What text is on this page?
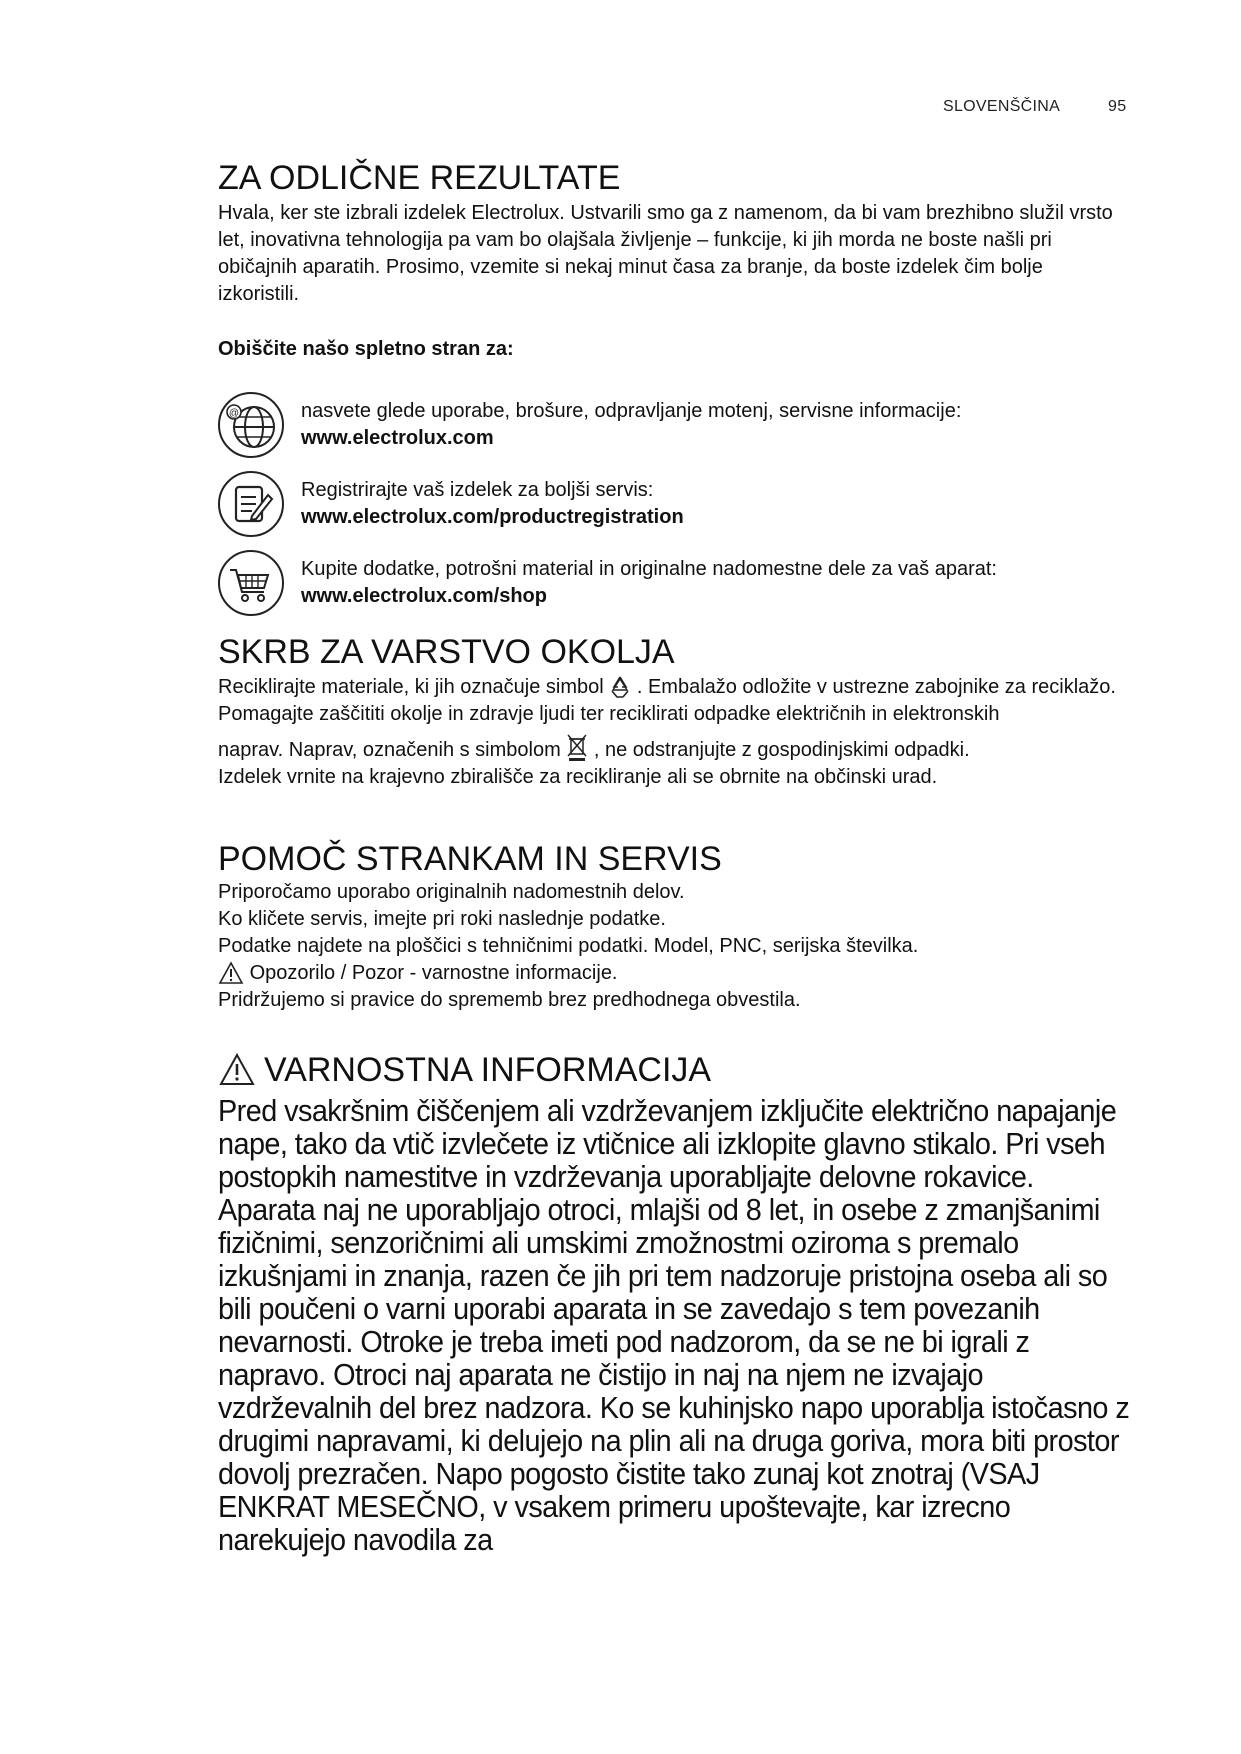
SLOVENŠČINA	95
ZA ODLIČNE REZULTATE

Hvala, ker ste izbrali izdelek Electrolux. Ustvarili smo ga z namenom, da bi vam brezhibno služil vrsto let, inovativna tehnologija pa vam bo olajšala življenje – funkcije, ki jih morda ne boste našli pri običajnih aparatih. Prosimo, vzemite si nekaj minut časa za branje, da boste izdelek čim bolje izkoristili.

Obiščite našo spletno stran za:

@	nasvete glede uporabe, brošure, odpravljanje motenj, servisne informacije:
www.electrolux.com
Registrirajte vaš izdelek za boljši servis:
www.electrolux.com/productregistration
Kupite dodatke, potrošni material in originalne nadomestne dele za vaš aparat:
www.electrolux.com/shop
SKRB ZA VARSTVO OKOLJA

Reciklirajte materiale, ki jih označuje simbol . Embalažo odložite v ustrezne zabojnike za reciklažo.

Pomagajte zaščititi okolje in zdravje ljudi ter reciklirati odpadke električnih in elektronskih

naprav. Naprav, označenih s simbolom , ne odstranjujte z gospodinjskimi odpadki.

Izdelek vrnite na krajevno zbirališče za recikliranje ali se obrnite na občinski urad.

POMOČ STRANKAM IN SERVIS

Priporočamo uporabo originalnih nadomestnih delov.

Ko kličete servis, imejte pri roki naslednje podatke.

Podatke najdete na ploščici s tehničnimi podatki. Model, PNC, serijska številka.

Opozorilo / Pozor - varnostne informacije.

Pridržujemo si pravice do sprememb brez predhodnega obvestila.

VARNOSTNA INFORMACIJA

Pred vsakršnim čiščenjem ali vzdrževanjem izključite električno napajanje nape, tako da vtič izvlečete iz vtičnice ali izklopite glavno stikalo. Pri vseh postopkih namestitve in vzdrževanja uporabljajte delovne rokavice. Aparata naj ne uporabljajo otroci, mlajši od 8 let, in osebe z zmanjšanimi fizičnimi, senzoričnimi ali umskimi zmožnostmi oziroma s premalo izkušnjami in znanja, razen če jih pri tem nadzoruje pristojna oseba ali so bili poučeni o varni uporabi aparata in se zavedajo s tem povezanih nevarnosti. Otroke je treba imeti pod nadzorom, da se ne bi igrali z napravo. Otroci naj aparata ne čistijo in naj na njem ne izvajajo vzdrževalnih del brez nadzora. Ko se kuhinjsko napo uporablja istočasno z drugimi napravami, ki delujejo na plin ali na druga goriva, mora biti prostor dovolj prezračen. Napo pogosto čistite tako zunaj kot znotraj (VSAJ ENKRAT MESEČNO, v vsakem primeru upoštevajte, kar izrecno narekujejo navodila za
